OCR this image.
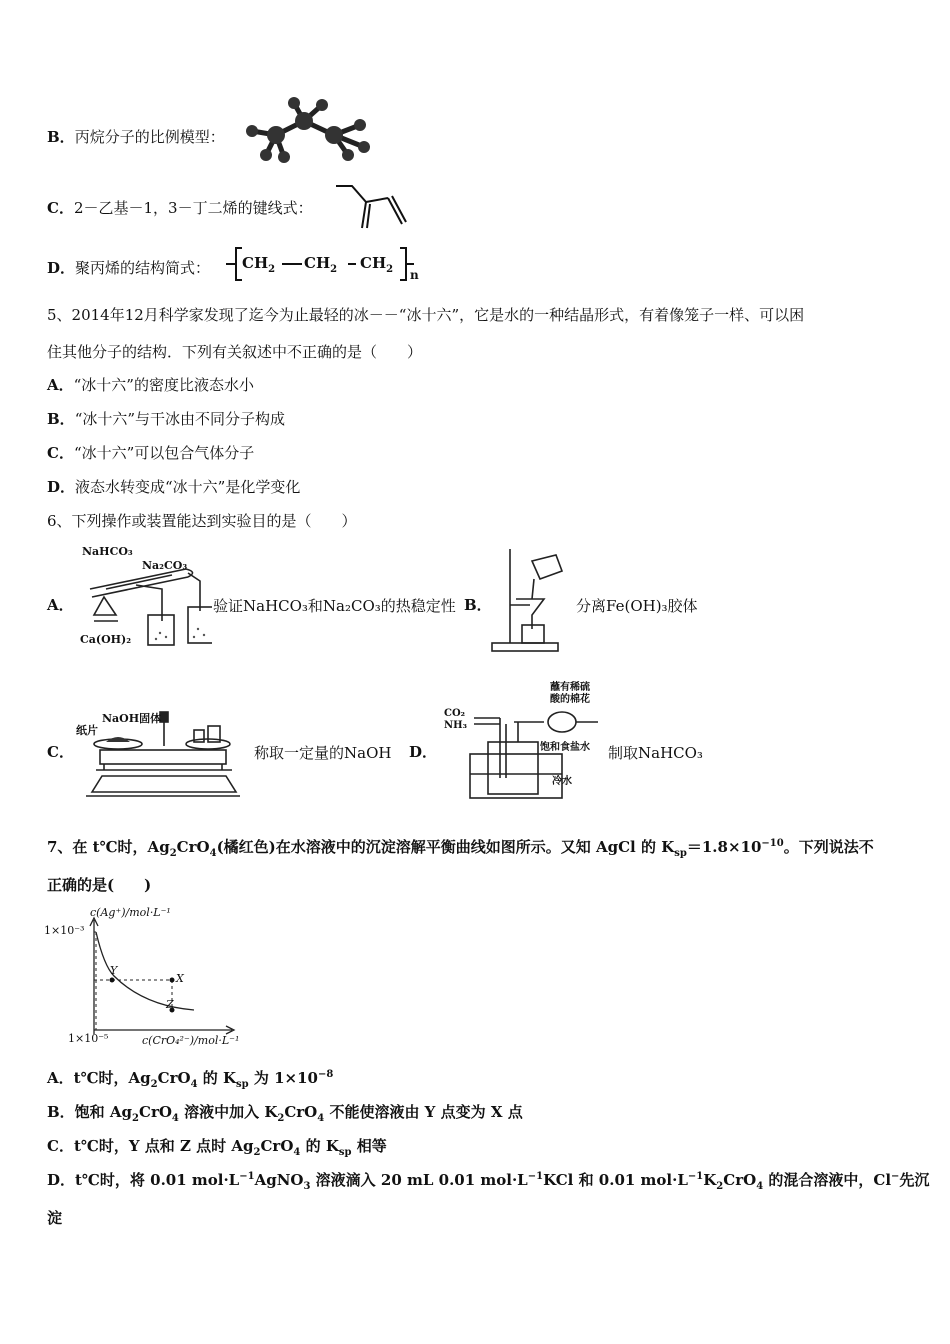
B．丙烷分子的比例模型：
C．2－乙基－1，3－丁二烯的键线式：
D．聚丙烯的结构简式： $CH_2$ $CH_2$ $CH_2$ n
5、2014年12月科学家发现了迄今为止最轻的冰－－“冰十六”，它是水的一种结晶形式，有着像笼子一样、可以困
住其他分子的结构．下列有关叙述中不正确的是（　　）
A．“冰十六”的密度比液态水小
B．“冰十六”与干冰由不同分子构成
C．“冰十六”可以包合气体分子
D．液态水转变成“冰十六”是化学变化
6、下列操作或装置能达到实验目的是（　　）
A．
NaHCO₃
Na₂CO₃
Ca(OH)₂
验证NaHCO₃和Na₂CO₃的热稳定性 B．	分离Fe(OH)₃胶体
C．
纸片
NaOH固体
称取一定量的NaOH D．
CO₂
NH₃
蘸有稀硫
酸的棉花
饱和食盐水
冷水
制取NaHCO₃
7、在 t℃时，$Ag_2CrO_4$(橘红色)在水溶液中的沉淀溶解平衡曲线如图所示。又知 AgCl 的 $K_{sp}=1.8\times 10^{-10}$。下列说法不
正确的是(　　)
c(Ag⁺)/mol·L⁻¹
1×10⁻³
Y
X
Z
1×10⁻⁵	c(CrO₄²⁻)/mol·L⁻¹
A．t℃时，$Ag_2CrO_4$ 的 $K_{sp}$ 为 $1\times 10^{-8}$
B．饱和 $Ag_2CrO_4$ 溶液中加入 $K_2CrO_4$ 不能使溶液由 Y 点变为 X 点
C．t℃时，Y 点和 Z 点时 $Ag_2CrO_4$ 的 $K_{sp}$ 相等
D．t℃时，将 0.01 $mol\cdot L^{-1}AgNO_3$ 溶液滴入 20 mL 0.01 $mol\cdot L^{-1}KCl$ 和 0.01 $mol\cdot L^{-1}K_2CrO_4$ 的混合溶液中，Cl−先沉
淀
